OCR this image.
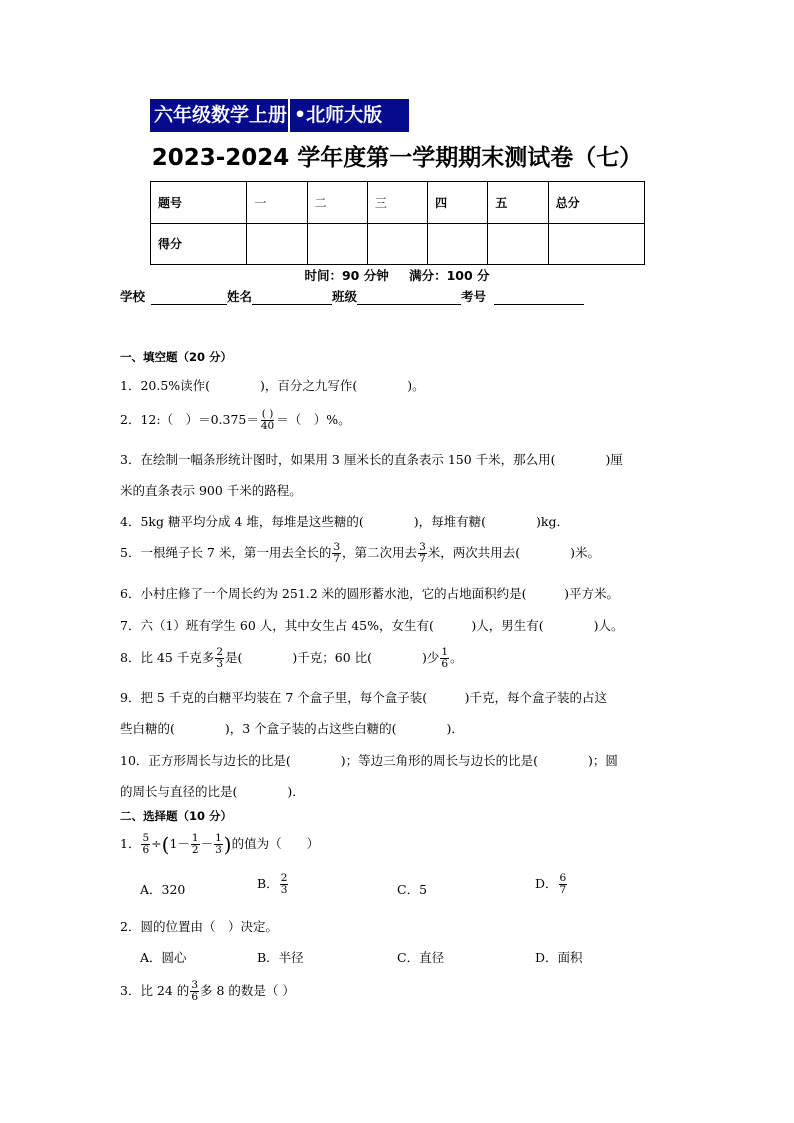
六年级数学上册 •北师大版
2023-2024 学年度第一学期期末测试卷（七）
题号	一	二	三	四	五	总分
得分						
时间：90 分钟 满分：100 分
学校	姓名	班级	考号
一、填空题（20 分）
1．20.5%读作(　　　　)，百分之九写作(　　　　)。
2．12:（　）$=0.375= \frac{( )}{40}$ ＝（　）%。
3．在绘制一幅条形统计图时，如果用 3 厘米长的直条表示 150 千米，那么用(　　　　)厘
米的直条表示 900 千米的路程。
4．5kg 糖平均分成 4 堆，每堆是这些糖的(　　　　)，每堆有糖(　　　　)kg．
5．一根绳子长 7 米，第一用去全长的 $\frac{3}{7}$ ，第二次用去 $\frac{3}{7}$ 米，两次共用去(　　　　)米。
6．小村庄修了一个周长约为 251.2 米的圆形蓄水池，它的占地面积约是(　　　)平方米。
7．六（1）班有学生 60 人，其中女生占 45%，女生有(　　　)人，男生有(　　　　)人。
8．比 45 千克多 $\frac{2}{3}$ 是(　　　　)千克；60 比(　　　　)少 $\frac{1}{6}$ 。
9．把 5 千克的白糖平均装在 7 个盒子里，每个盒子装(　　　)千克，每个盒子装的占这
些白糖的(　　　　)，3 个盒子装的占这些白糖的(　　　　)．
10．正方形周长与边长的比是(　　　　)；等边三角形的周长与边长的比是(　　　　)；圆
的周长与直径的比是(　　　　)．
二、选择题（10 分）
1． $\frac{5}{6} \div(1- \frac{1}{2} - \frac{1}{3}$ )的值为（　　）
A．320	B． $\frac{2}{3}$	C．5	D． $\frac{6}{7}$
2．圆的位置由（　）决定。
A．圆心	B．半径	C．直径	D．面积
3．比 24 的 $\frac{3}{6}$ 多 8 的数是（ ）
